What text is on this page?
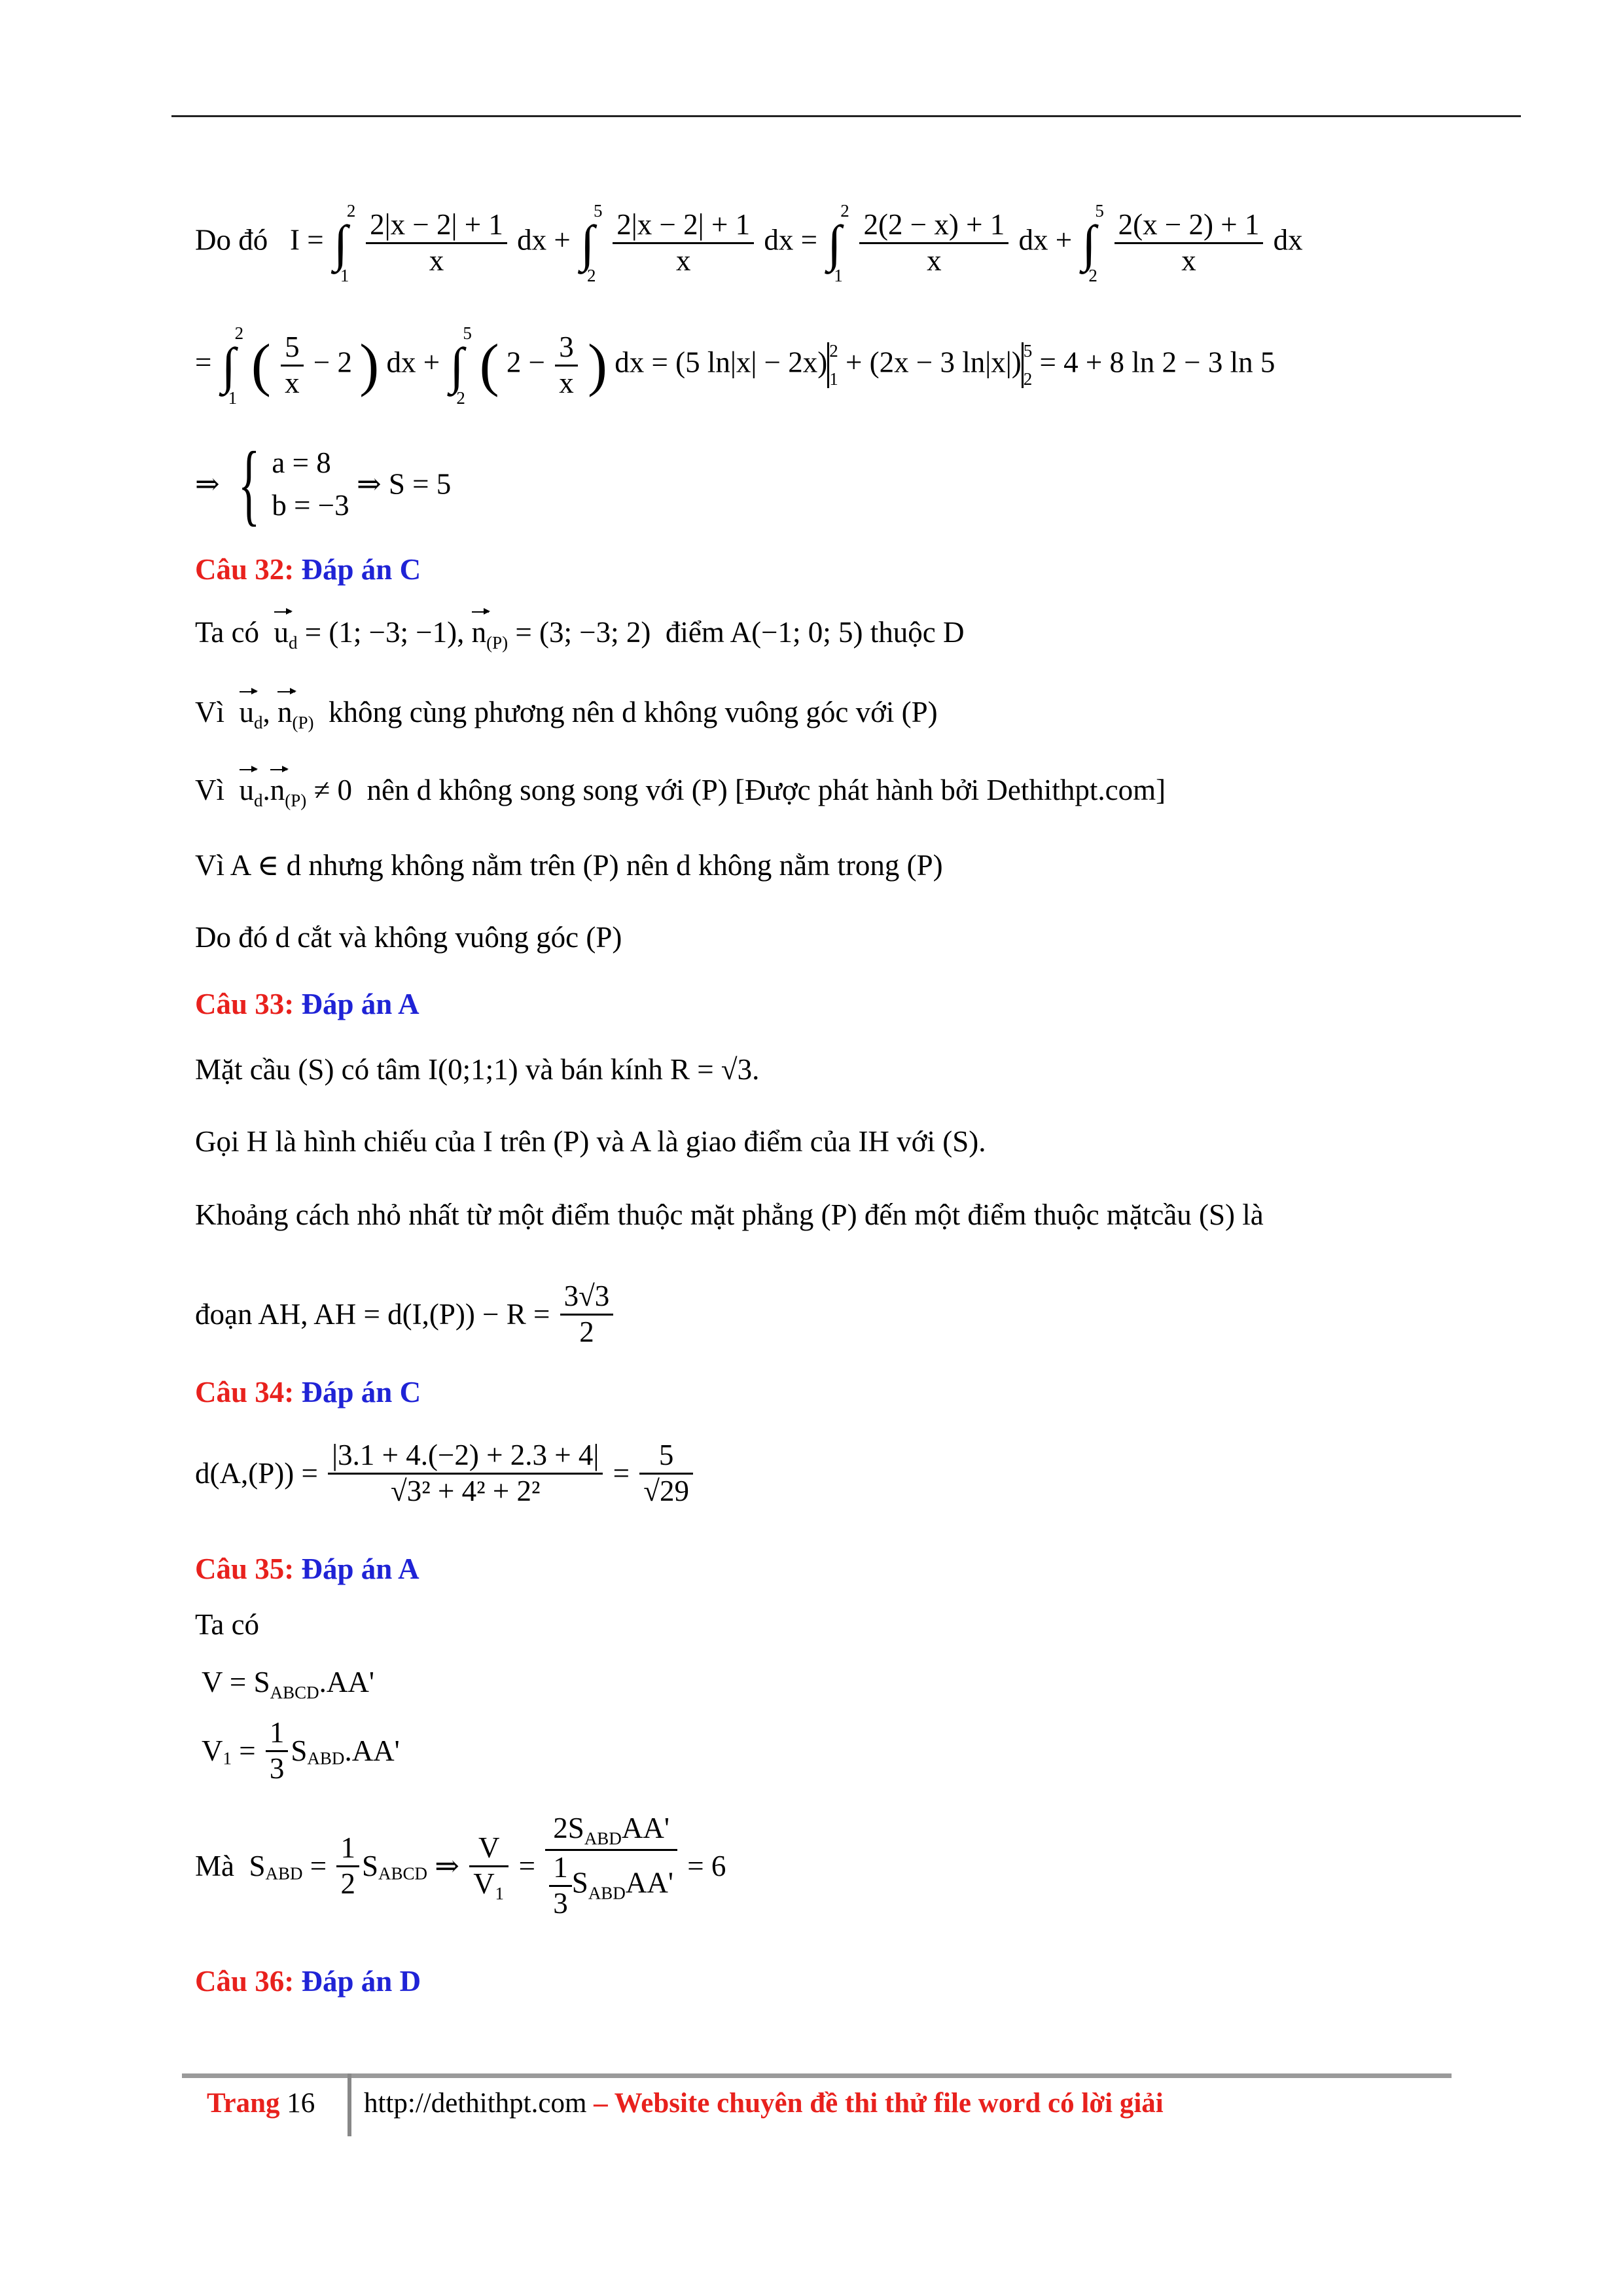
Do đó I = ∫
2
1
$\frac{2|x - 2| + 1}{x}$ dx + ∫
5
2
$\frac{2|x - 2| + 1}{x}$ dx = ∫
2
1
$\frac{2(2 - x) + 1}{x}$ dx + ∫
5
2
$\frac{2(x - 2) + 1}{x}$ dx
= ∫
2
1
( $\frac{5}{x} - 2$ ) dx + ∫
5
2
( $2 - \frac{3}{x}$ ) dx = (5 ln|x| − 2x) 2
1
+ (2x − 3 ln|x|) 5
2
= 4 + 8 ln 2 − 3 ln 5
⇒ { a = 8
b = −3
⇒ S = 5
Câu 32: Đáp án C
Ta có $u_d = (1$; −3; −1), $n_{(P)} = (3$; −3; 2) điểm A(−1; 0; 5) thuộc D
Vì $u_d$, $n_{(P)}$ không cùng phương nên d không vuông góc với (P)
Vì $u_d.n_{(P)} \ne 0$ nên d không song song với (P) [Được phát hành bởi Dethithpt.com]
Vì A ∈ d nhưng không nằm trên (P) nên d không nằm trong (P)
Do đó d cắt và không vuông góc (P)
Câu 33: Đáp án A
Mặt cầu (S) có tâm I(0;1;1) và bán kính R = √3.
Gọi H là hình chiếu của I trên (P) và A là giao điểm của IH với (S).
Khoảng cách nhỏ nhất từ một điểm thuộc mặt phẳng (P) đến một điểm thuộc mặtcầu (S) là
đoạn AH, AH = $d(I,(P)) - R = \frac{3√3}{2}$
Câu 34: Đáp án C
$d(A,(P)) = \frac{|3.1 + 4.(-2) + 2.3 + 4|}{\text{√3² + 4² + 2²}} = \frac{5}{√29}$
Câu 35: Đáp án A
Ta có
$V = S_{ABCD}.AA'$
$V_1 = \frac{1}{3} S_{ABD}.AA'$
Mà $S_{ABD} = \frac{1}{2} S_{ABCD}$ ⇒ $\frac{V}{\text{V₁}} = \frac{2S_{ABD}AA'}{\frac{1}{3} S_{ABD}AA'} = 6$
Câu 36: Đáp án D
Trang 16 http://dethithpt.com – Website chuyên đề thi thử file word có lời giải
